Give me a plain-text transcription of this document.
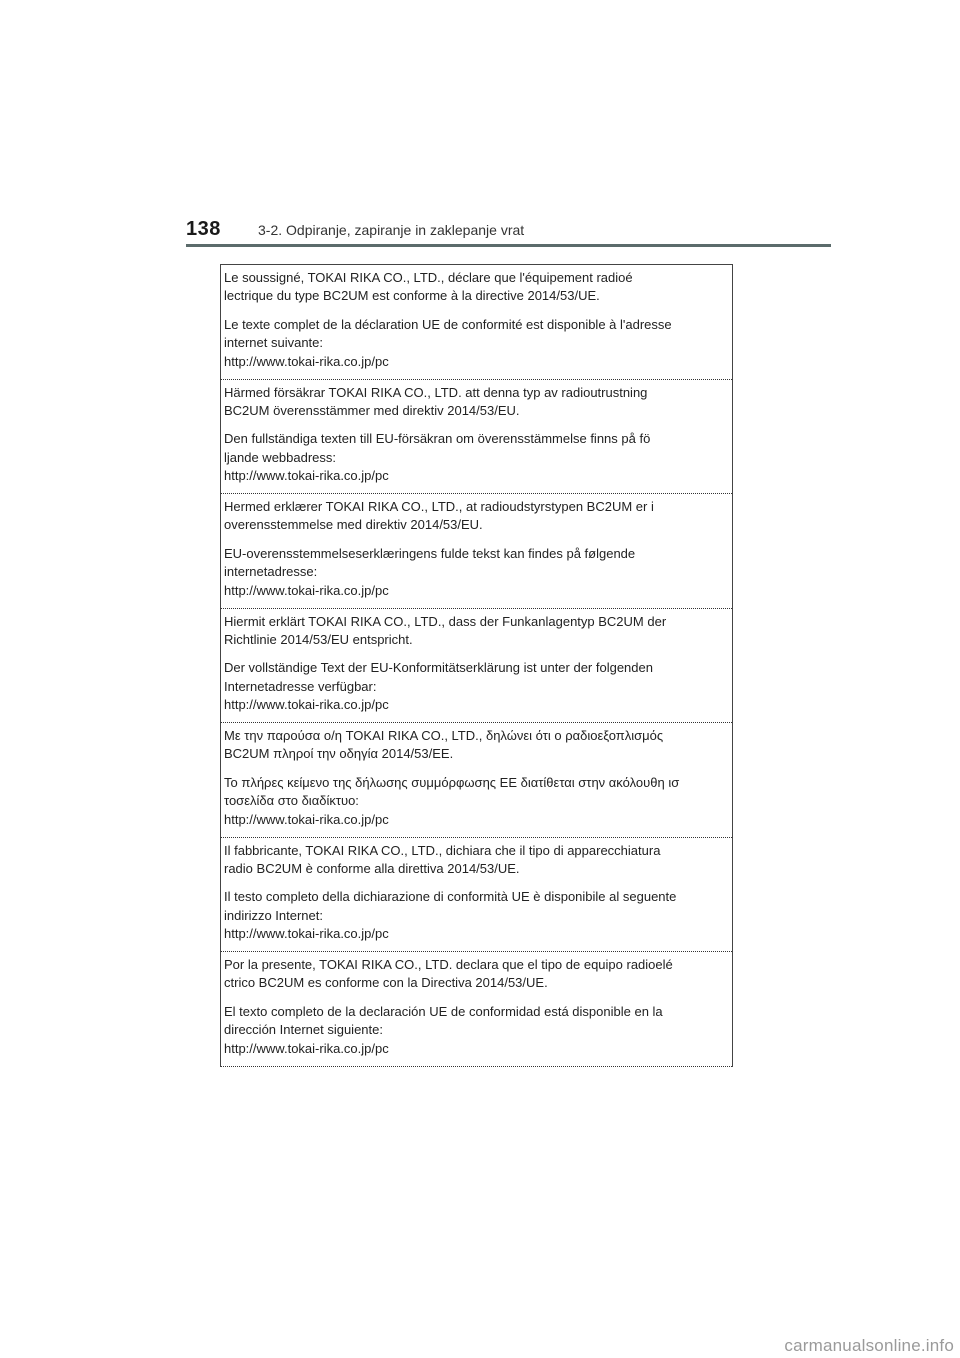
138	3-2. Odpiranje, zapiranje in zaklepanje vrat

Le soussigné, TOKAI RIKA CO., LTD., déclare que l'équipement radioé
lectrique du type BC2UM est conforme à la directive 2014/53/UE.

Le texte complet de la déclaration UE de conformité est disponible à l'adresse
internet suivante:

http://www.tokai-rika.co.jp/pc

Härmed försäkrar TOKAI RIKA CO., LTD. att denna typ av radioutrustning
BC2UM överensstämmer med direktiv 2014/53/EU.

Den fullständiga texten till EU-försäkran om överensstämmelse finns på fö
ljande webbadress:

http://www.tokai-rika.co.jp/pc

Hermed erklærer TOKAI RIKA CO., LTD., at radioudstyrstypen BC2UM er i
overensstemmelse med direktiv 2014/53/EU.

EU-overensstemmelseserklæringens fulde tekst kan findes på følgende
internetadresse:

http://www.tokai-rika.co.jp/pc

Hiermit erklärt TOKAI RIKA CO., LTD., dass der Funkanlagentyp BC2UM der
Richtlinie 2014/53/EU entspricht.

Der vollständige Text der EU-Konformitätserklärung ist unter der folgenden
Internetadresse verfügbar:

http://www.tokai-rika.co.jp/pc

Με την παρούσα ο/η TOKAI RIKA CO., LTD., δηλώνει ότι ο ραδιοεξοπλισμός
BC2UM πληροί την οδηγία 2014/53/ΕΕ.

Το πλήρες κείμενο της δήλωσης συμμόρφωσης ΕΕ διατίθεται στην ακόλουθη ισ
τοσελίδα στο διαδίκτυο:

http://www.tokai-rika.co.jp/pc

Il fabbricante, TOKAI RIKA CO., LTD., dichiara che il tipo di apparecchiatura
radio BC2UM è conforme alla direttiva 2014/53/UE.

Il testo completo della dichiarazione di conformità UE è disponibile al seguente
indirizzo Internet:

http://www.tokai-rika.co.jp/pc

Por la presente, TOKAI RIKA CO., LTD. declara que el tipo de equipo radioelé
ctrico BC2UM es conforme con la Directiva 2014/53/UE.

El texto completo de la declaración UE de conformidad está disponible en la
dirección Internet siguiente:

http://www.tokai-rika.co.jp/pc

carmanualsonline.info
